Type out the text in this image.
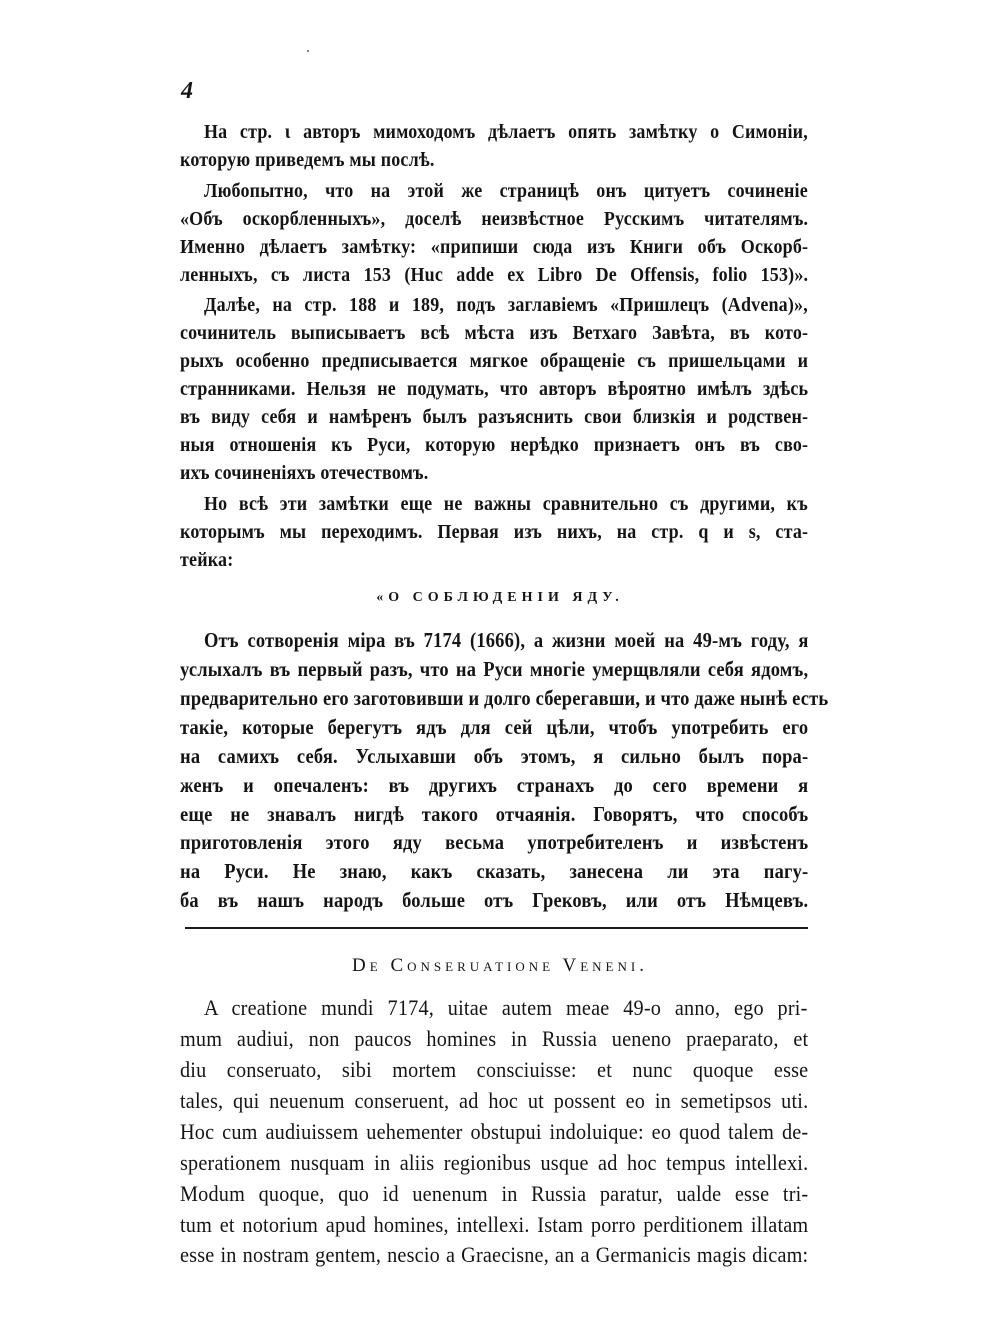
4
На стр. ι авторъ мимоходомъ дѣлаетъ опять замѣтку о Симоніи,
которую приведемъ мы послѣ.
Любопытно, что на этой же страницѣ онъ цитуетъ сочиненіе
«Объ оскорбленныхъ», доселѣ неизвѣстное Русскимъ читателямъ.
Именно дѣлаетъ замѣтку: «припиши сюда изъ Книги объ Оскорб-
ленныхъ, съ листа 153 (Huc adde ex Libro De Offensis, folio 153)».
Далѣе, на стр. 188 и 189, подъ заглавіемъ «Пришлецъ (Advena)»,
сочинитель выписываетъ всѣ мѣста изъ Ветхаго Завѣта, въ кото-
рыхъ особенно предписывается мягкое обращеніе съ пришельцами и
странниками. Нельзя не подумать, что авторъ вѣроятно имѣлъ здѣсь
въ виду себя и намѣренъ былъ разъяснить свои близкія и родствен-
ныя отношенія къ Руси, которую нерѣдко признаетъ онъ въ сво-
ихъ сочиненіяхъ отечествомъ.
Но всѣ эти замѣтки еще не важны сравнительно съ другими, къ
которымъ мы переходимъ. Первая изъ нихъ, на стр. q и s, ста-
тейка:
«О СОБЛЮДЕНІИ ЯДУ.
Отъ сотворенія міра въ 7174 (1666), а жизни моей на 49-мъ году, я
услыхалъ въ первый разъ, что на Руси многіе умерщвляли себя ядомъ,
предварительно его заготовивши и долго сберегавши, и что даже нынѣ есть
такіе, которые берегутъ ядъ для сей цѣли, чтобъ употребить его
на самихъ себя. Услыхавши объ этомъ, я сильно былъ пора-
женъ и опечаленъ: въ другихъ странахъ до сего времени я
еще не знавалъ нигдѣ такого отчаянія. Говорятъ, что способъ
приготовленія этого яду весьма употребителенъ и извѣстенъ
на Руси. Не знаю, какъ сказать, занесена ли эта пагу-
ба въ нашъ народъ больше отъ Грековъ, или отъ Нѣмцевъ.
De Conseruatione Veneni.
A creatione mundi 7174, uitae autem meae 49-o anno, ego pri-
mum audiui, non paucos homines in Russia ueneno praeparato, et
diu conseruato, sibi mortem consciuisse: et nunc quoque esse
tales, qui neuenum conseruent, ad hoc ut possent eo in semetipsos uti.
Hoc cum audiuissem uehementer obstupui indoluique: eo quod talem de-
sperationem nusquam in aliis regionibus usque ad hoc tempus intellexi.
Modum quoque, quo id uenenum in Russia paratur, ualde esse tri-
tum et notorium apud homines, intellexi. Istam porro perditionem illatam
esse in nostram gentem, nescio a Graecisne, an a Germanicis magis dicam:
